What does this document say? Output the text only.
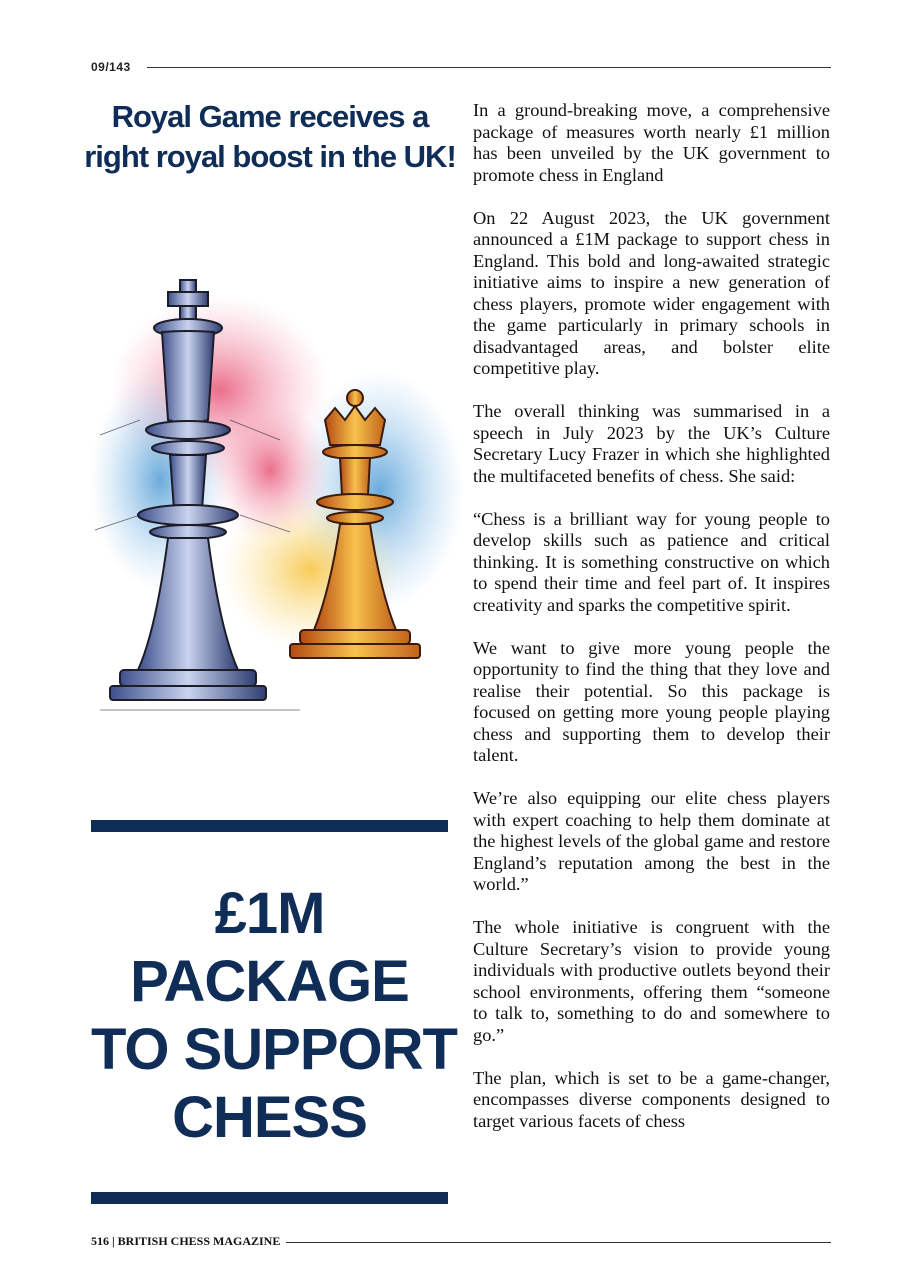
09/143
Royal Game receives a right royal boost in the UK!
£1M
PACKAGE
TO SUPPORT
CHESS

In a ground-breaking move, a comprehensive package of measures worth nearly £1 million has been unveiled by the UK government to promote chess in England

On 22 August 2023, the UK government announced a £1M package to support chess in England. This bold and long-awaited strategic initiative aims to inspire a new generation of chess players, promote wider engagement with the game particularly in primary schools in disadvantaged areas, and bolster elite competitive play.

The overall thinking was summarised in a speech in July 2023 by the UK’s Culture Secretary Lucy Frazer in which she highlighted the multifaceted benefits of chess. She said:

“Chess is a brilliant way for young people to develop skills such as patience and critical thinking. It is something constructive on which to spend their time and feel part of. It inspires creativity and sparks the competitive spirit.

We want to give more young people the opportunity to find the thing that they love and realise their potential. So this package is focused on getting more young people playing chess and supporting them to develop their talent.

We’re also equipping our elite chess players with expert coaching to help them dominate at the highest levels of the global game and restore England’s reputation among the best in the world.”

The whole initiative is congruent with the Culture Secretary’s vision to provide young individuals with productive outlets beyond their school environments, offering them “someone to talk to, something to do and somewhere to go.”

The plan, which is set to be a game-changer, encompasses diverse components designed to target various facets of chess

516 | BRITISH CHESS MAGAZINE
